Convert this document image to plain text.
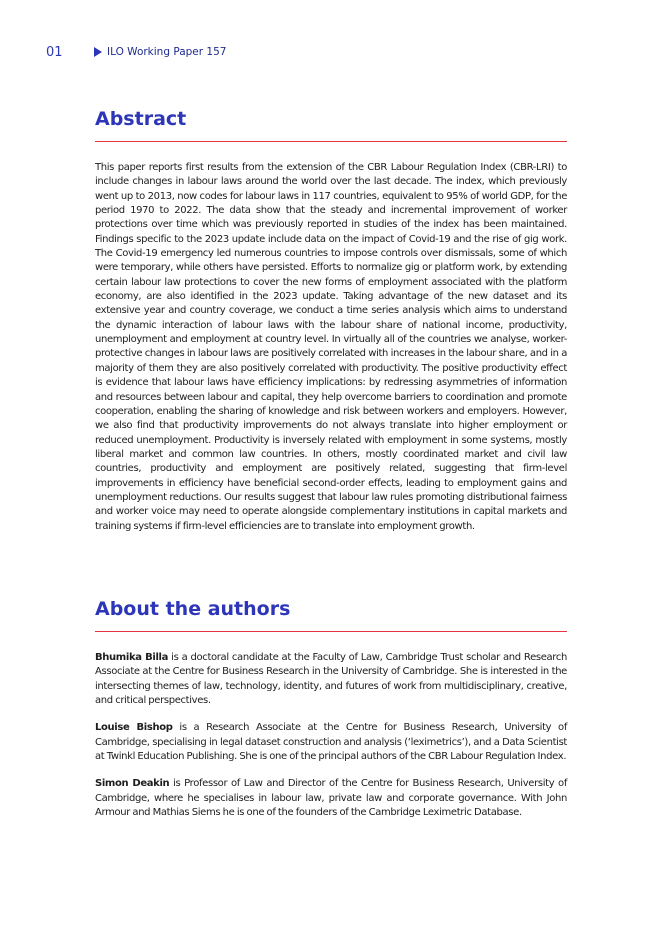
01	ILO Working Paper 157
Abstract

This paper reports first results from the extension of the CBR Labour Regulation Index (CBR-LRI) to include changes in labour laws around the world over the last decade. The index, which previously went up to 2013, now codes for labour laws in 117 countries, equivalent to 95% of world GDP, for the period 1970 to 2022. The data show that the steady and incremental improvement of worker protections over time which was previously reported in studies of the index has been maintained. Findings specific to the 2023 update include data on the impact of Covid-19 and the rise of gig work. The Covid-19 emergency led numerous countries to impose controls over dismissals, some of which were temporary, while others have persisted. Efforts to normalize gig or platform work, by extending certain labour law protections to cover the new forms of employment associated with the platform economy, are also identified in the 2023 update. Taking advantage of the new dataset and its extensive year and country coverage, we conduct a time series analysis which aims to understand the dynamic interaction of labour laws with the labour share of national income, productivity, unemployment and employment at country level. In virtually all of the countries we analyse, worker-protective changes in labour laws are positively correlated with increases in the labour share, and in a majority of them they are also positively correlated with productivity. The positive productivity effect is evidence that labour laws have efficiency implications: by redressing asymmetries of information and resources between labour and capital, they help overcome barriers to coordination and promote cooperation, enabling the sharing of knowledge and risk between workers and employers. However, we also find that productivity improvements do not always translate into higher employment or reduced unemployment. Productivity is inversely related with employment in some systems, mostly liberal market and common law countries. In others, mostly coordinated market and civil law countries, productivity and employment are positively related, suggesting that firm-level improvements in efficiency have beneficial second-order effects, leading to employment gains and unemployment reductions. Our results suggest that labour law rules promoting distributional fairness and worker voice may need to operate alongside complementary institutions in capital markets and training systems if firm-level efficiencies are to translate into employment growth.

About the authors

Bhumika Billa is a doctoral candidate at the Faculty of Law, Cambridge Trust scholar and Research Associate at the Centre for Business Research in the University of Cambridge. She is interested in the intersecting themes of law, technology, identity, and futures of work from multidisciplinary, creative, and critical perspectives.

Louise Bishop is a Research Associate at the Centre for Business Research, University of Cambridge, specialising in legal dataset construction and analysis (‘leximetrics’), and a Data Scientist at Twinkl Education Publishing. She is one of the principal authors of the CBR Labour Regulation Index.

Simon Deakin is Professor of Law and Director of the Centre for Business Research, University of Cambridge, where he specialises in labour law, private law and corporate governance. With John Armour and Mathias Siems he is one of the founders of the Cambridge Leximetric Database.
